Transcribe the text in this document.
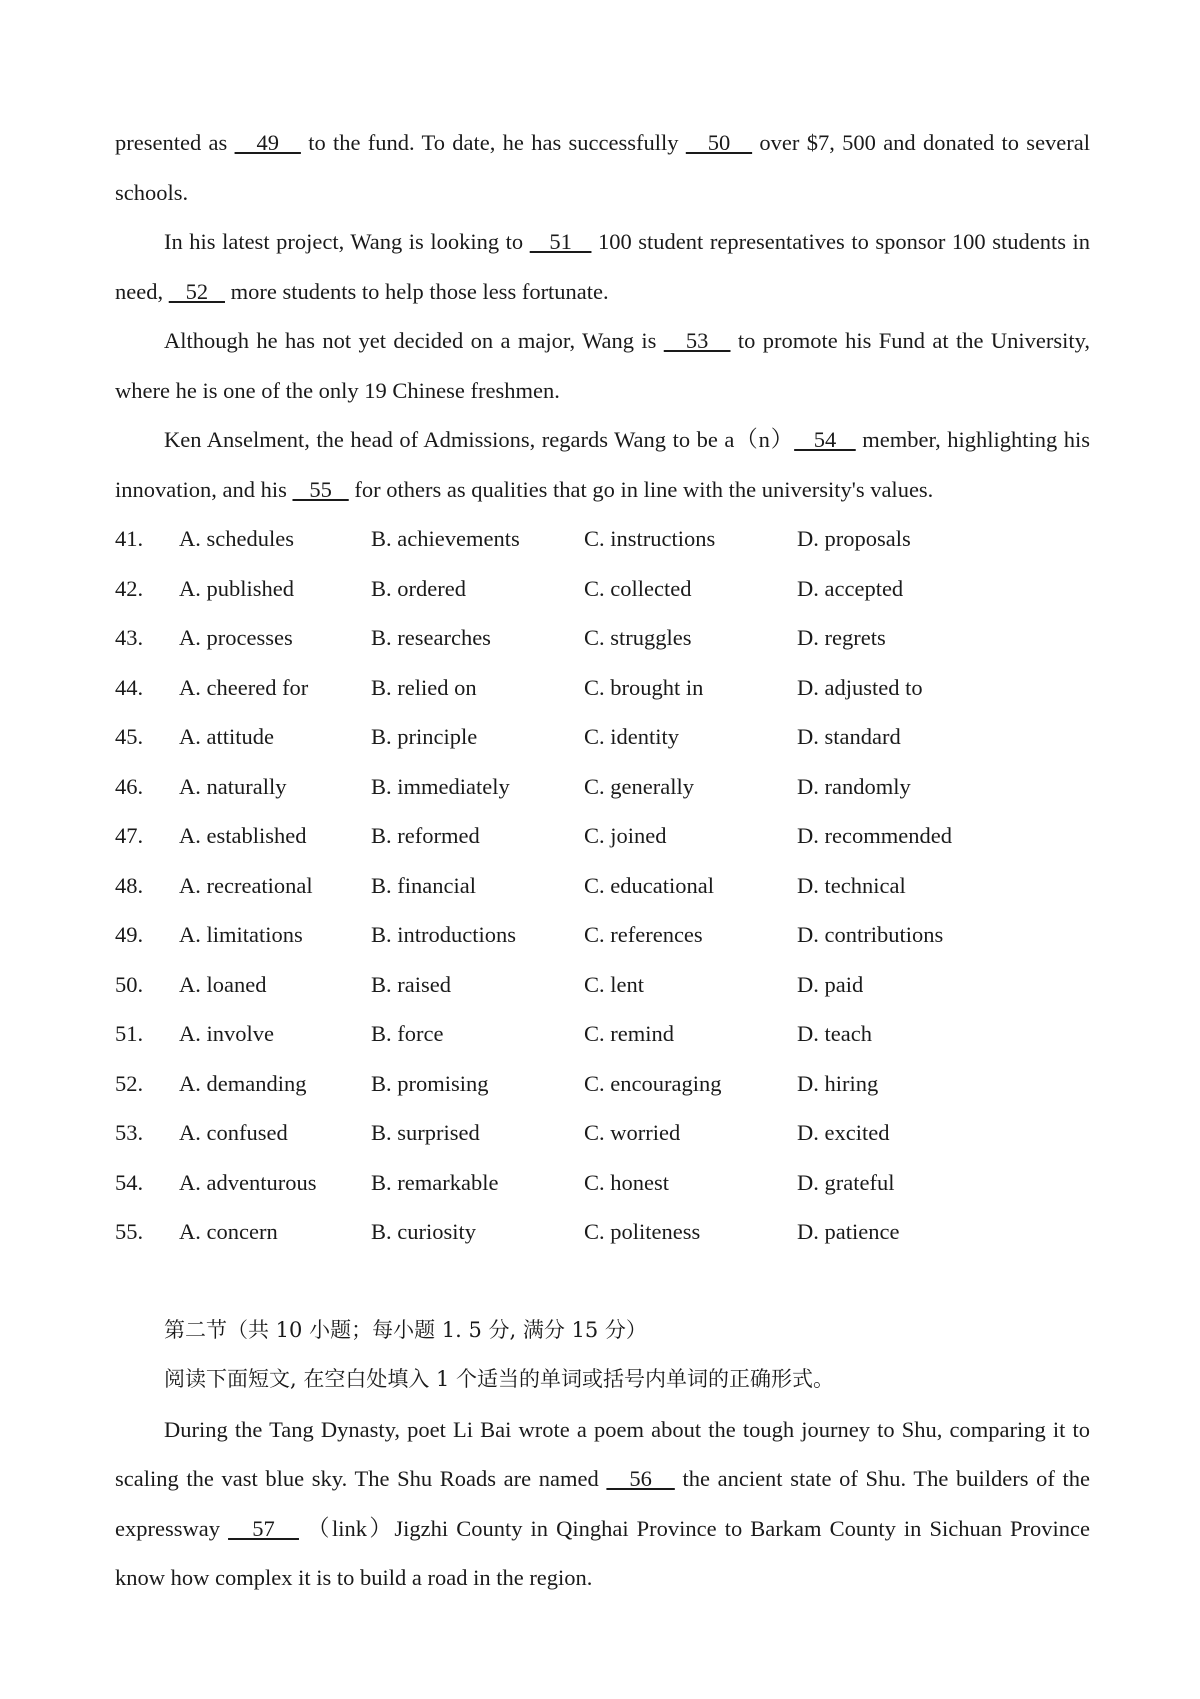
presented as    49    to the fund. To date, he has successfully    50    over $7, 500 and donated to several schools.

In his latest project, Wang is looking to    51    100 student representatives to sponsor 100 students in need,    52    more students to help those less fortunate.

Although he has not yet decided on a major, Wang is    53    to promote his Fund at the University, where he is one of the only 19 Chinese freshmen.

Ken Anselment, the head of Admissions, regards Wang to be a（n）   54    member, highlighting his innovation, and his    55    for others as qualities that go in line with the university's values.

41.	A. schedules	B. achievements	C. instructions	D. proposals
42.	A. published	B. ordered	C. collected	D. accepted
43.	A. processes	B. researches	C. struggles	D. regrets
44.	A. cheered for	B. relied on	C. brought in	D. adjusted to
45.	A. attitude	B. principle	C. identity	D. standard
46.	A. naturally	B. immediately	C. generally	D. randomly
47.	A. established	B. reformed	C. joined	D. recommended
48.	A. recreational	B. financial	C. educational	D. technical
49.	A. limitations	B. introductions	C. references	D. contributions
50.	A. loaned	B. raised	C. lent	D. paid
51.	A. involve	B. force	C. remind	D. teach
52.	A. demanding	B. promising	C. encouraging	D. hiring
53.	A. confused	B. surprised	C. worried	D. excited
54.	A. adventurous	B. remarkable	C. honest	D. grateful
55.	A. concern	B. curiosity	C. politeness	D. patience

第二节（共 10 小题；每小题 1. 5 分, 满分 15 分）

阅读下面短文, 在空白处填入 1 个适当的单词或括号内单词的正确形式。

During the Tang Dynasty, poet Li Bai wrote a poem about the tough journey to Shu, comparing it to scaling the vast blue sky. The Shu Roads are named    56    the ancient state of Shu. The builders of the expressway    57    （link）Jigzhi County in Qinghai Province to Barkam County in Sichuan Province know how complex it is to build a road in the region.
